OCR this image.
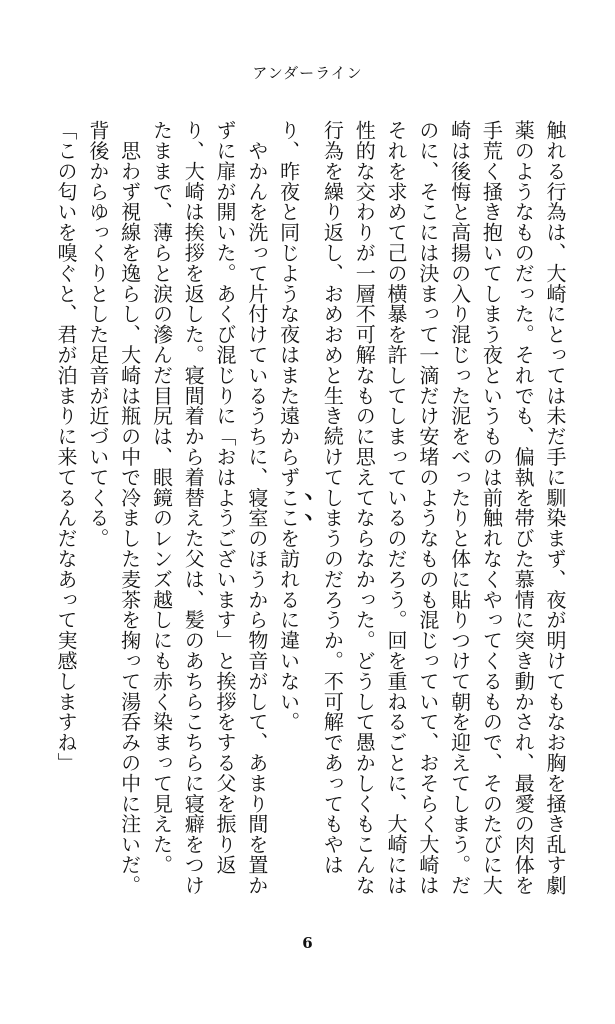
アンダーライン

触れる行為は、大崎にとっては未だ手に馴染まず、夜が明けてもなお胸を掻き乱す劇薬のようなものだった。それでも、偏執を帯びた慕情に突き動かされ、最愛の肉体を手荒く掻き抱いてしまう夜というものは前触れなくやってくるもので、そのたびに大崎は後悔と高揚の入り混じった泥をべったりと体に貼りつけて朝を迎えてしまう。だのに、そこには決まって一滴だけ安堵のようなものも混じっていて、おそらく大崎はそれを求めて己の横暴を許してしまっているのだろう。回を重ねるごとに、大崎には性的な交わりが一層不可解なものに思えてならなかった。どうして愚かしくもこんな行為を繰り返し、おめおめと生き続けてしまうのだろうか。不可解であってもやはり、昨夜と同じような夜はまた遠からずここを訪れるに違いない。

　やかんを洗って片付けているうちに、寝室のほうから物音がして、あまり間を置かずに扉が開いた。あくび混じりに「おはようございます」と挨拶をする父を振り返り、大崎は挨拶を返した。寝間着から着替えた父は、髪のあちらこちらに寝癖をつけたままで、薄らと涙の滲んだ目尻は、眼鏡のレンズ越しにも赤く染まって見えた。

　思わず視線を逸らし、大崎は瓶の中で冷ました麦茶を掬って湯呑みの中に注いだ。背後からゆっくりとした足音が近づいてくる。

「この匂いを嗅ぐと、君が泊まりに来てるんだなあって実感しますね」

6
